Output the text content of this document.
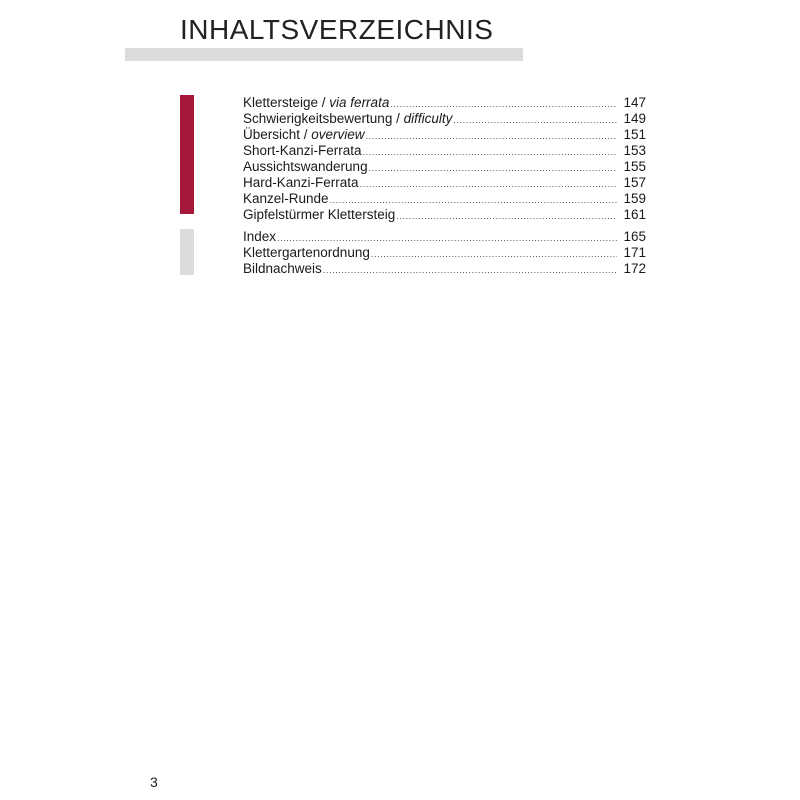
INHALTSVERZEICHNIS
Klettersteige / via ferrata .....	147
Schwierigkeitsbewertung / difficulty .....	149
Übersicht / overview .....	151
Short-Kanzi-Ferrata .....	153
Aussichtswanderung .....	155
Hard-Kanzi-Ferrata .....	157
Kanzel-Runde .....	159
Gipfelstürmer Klettersteig .....	161
Index .....	165
Klettergartenordnung .....	171
Bildnachweis .....	172
3
